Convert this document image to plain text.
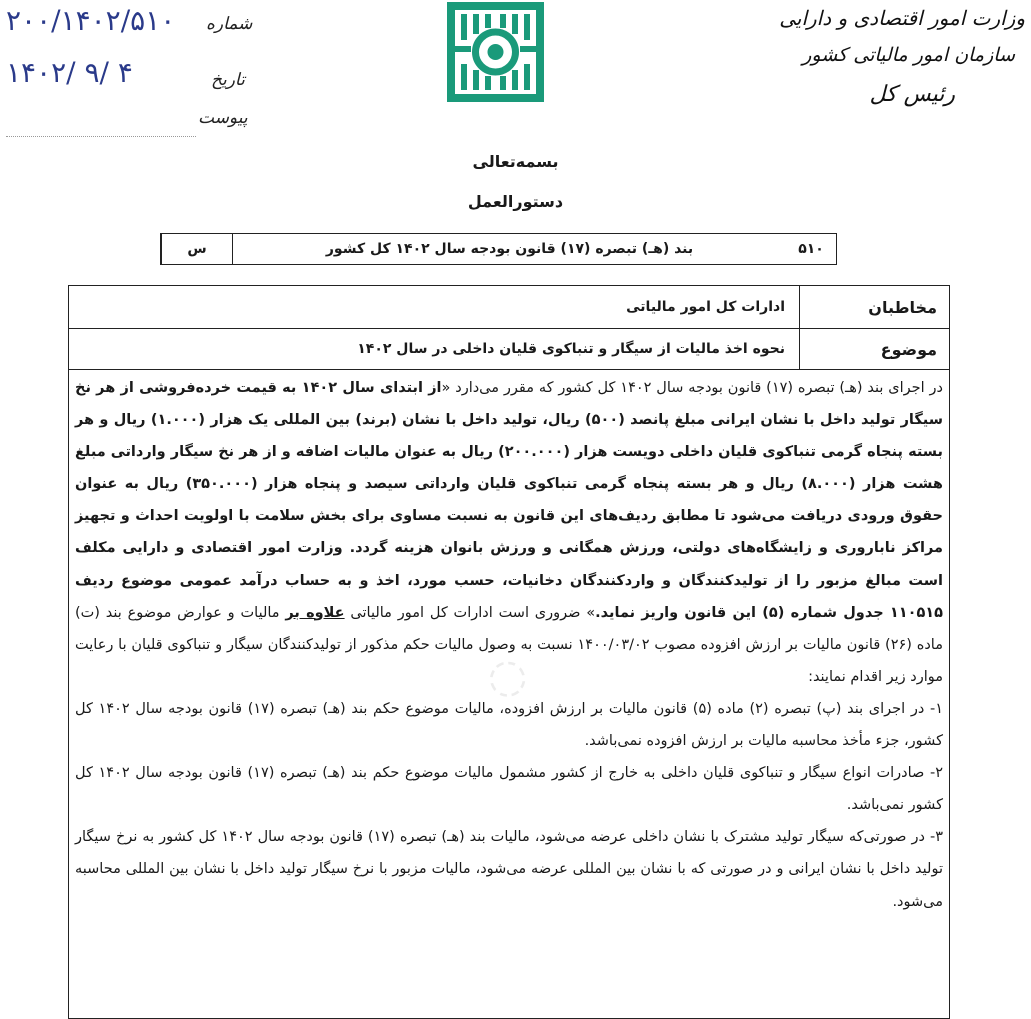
۲۰۰/۱۴۰۲/۵۱۰ شماره
۱۴۰۲/ ۹/ ۴	تاریخ
پیوست
وزارت امور اقتصادی و دارایی
سازمان امور مالیاتی کشور
رئیس کل
بسمه‌تعالی
دستورالعمل
۵۱۰
بند (هـ) تبصره (۱۷) قانون بودجه سال ۱۴۰۲ کل کشور
س
مخاطبان
ادارات کل امور مالیاتی
موضوع
نحوه اخذ مالیات از سیگار و تنباکوی قلیان داخلی در سال ۱۴۰۲

در اجرای بند (هـ) تبصره (۱۷) قانون بودجه سال ۱۴۰۲ کل کشور که مقرر می‌دارد «از ابتدای سال ۱۴۰۲ به قیمت خرده‌فروشی از هر نخ سیگار تولید داخل با نشان ایرانی مبلغ پانصد (۵۰۰) ریال، تولید داخل با نشان (برند) بین المللی یک هزار (۱.۰۰۰) ریال و هر بسته پنجاه گرمی تنباکوی قلیان داخلی دویست هزار (۲۰۰.۰۰۰) ریال به عنوان مالیات اضافه و از هر نخ سیگار وارداتی مبلغ هشت هزار (۸.۰۰۰) ریال و هر بسته پنجاه گرمی تنباکوی قلیان وارداتی سیصد و پنجاه هزار (۳۵۰.۰۰۰) ریال به عنوان حقوق ورودی دریافت می‌شود تا مطابق ردیف‌های این قانون به نسبت مساوی برای بخش سلامت با اولویت احداث و تجهیز مراکز ناباروری و زایشگاه‌های دولتی، ورزش همگانی و ورزش بانوان هزینه گردد. وزارت امور اقتصادی و دارایی مکلف است مبالغ مزبور را از تولیدکنندگان و واردکنندگان دخانیات، حسب مورد، اخذ و به حساب درآمد عمومی موضوع ردیف ۱۱۰۵۱۵ جدول شماره (۵) این قانون واریز نماید.» ضروری است ادارات کل امور مالیاتی علاوه بر مالیات و عوارض موضوع بند (ت) ماده (۲۶) قانون مالیات بر ارزش افزوده مصوب ۱۴۰۰/۰۳/۰۲ نسبت به وصول مالیات حکم مذکور از تولیدکنندگان سیگار و تنباکوی قلیان با رعایت موارد زیر اقدام نمایند:

۱- در اجرای بند (پ) تبصره (۲) ماده (۵) قانون مالیات بر ارزش افزوده، مالیات موضوع حکم بند (هـ) تبصره (۱۷) قانون بودجه سال ۱۴۰۲ کل کشور، جزء مأخذ محاسبه مالیات بر ارزش افزوده نمی‌باشد.

۲- صادرات انواع سیگار و تنباکوی قلیان داخلی به خارج از کشور مشمول مالیات موضوع حکم بند (هـ) تبصره (۱۷) قانون بودجه سال ۱۴۰۲ کل کشور نمی‌باشد.

۳- در صورتی‌که سیگار تولید مشترک با نشان داخلی عرضه می‌شود، مالیات بند (هـ) تبصره (۱۷) قانون بودجه سال ۱۴۰۲ کل کشور به نرخ سیگار تولید داخل با نشان ایرانی و در صورتی که با نشان بین المللی عرضه می‌شود، مالیات مزبور با نرخ سیگار تولید داخل با نشان بین المللی محاسبه می‌شود.

◌
